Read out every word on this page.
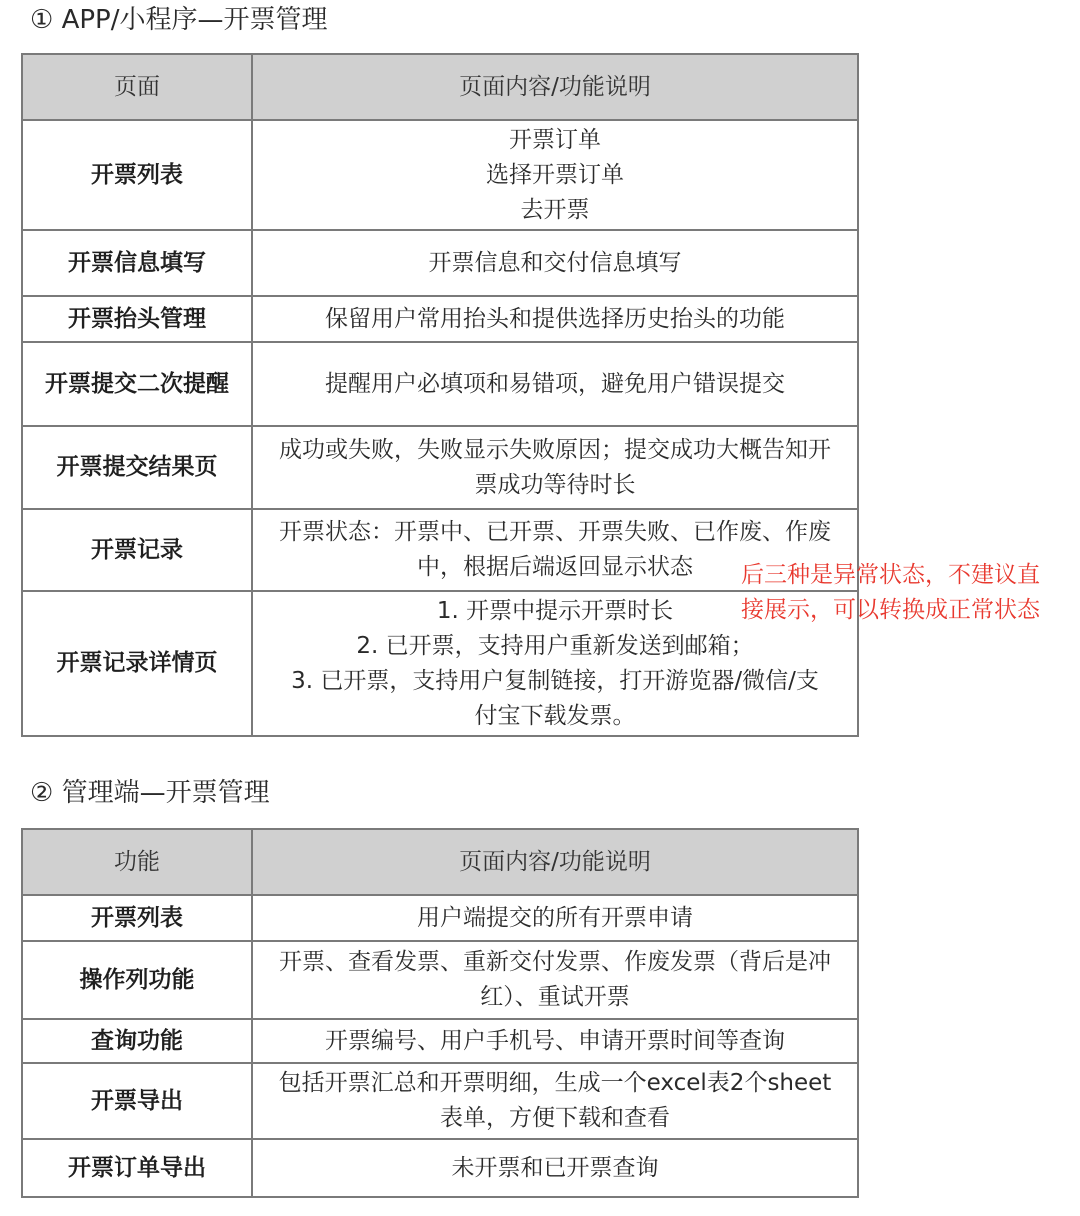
① APP/小程序—开票管理
页面	页面内容/功能说明
开票列表	开票订单
选择开票订单
去开票

开票信息填写	开票信息和交付信息填写

开票抬头管理	保留用户常用抬头和提供选择历史抬头的功能

开票提交二次提醒	提醒用户必填项和易错项，避免用户错误提交

开票提交结果页	成功或失败，失败显示失败原因；提交成功大概告知开
票成功等待时长

开票记录	开票状态：开票中、已开票、开票失败、已作废、作废
中，根据后端返回显示状态

开票记录详情页	1. 开票中提示开票时长
2. 已开票，支持用户重新发送到邮箱；
3. 已开票，支持用户复制链接，打开游览器/微信/支
付宝下载发票。
后三种是异常状态，不建议直
接展示，可以转换成正常状态
② 管理端—开票管理
功能	页面内容/功能说明
开票列表	用户端提交的所有开票申请

操作列功能	开票、查看发票、重新交付发票、作废发票（背后是冲
红）、重试开票

查询功能	开票编号、用户手机号、申请开票时间等查询

开票导出	包括开票汇总和开票明细，生成一个excel表2个sheet
表单，方便下载和查看

开票订单导出	未开票和已开票查询
